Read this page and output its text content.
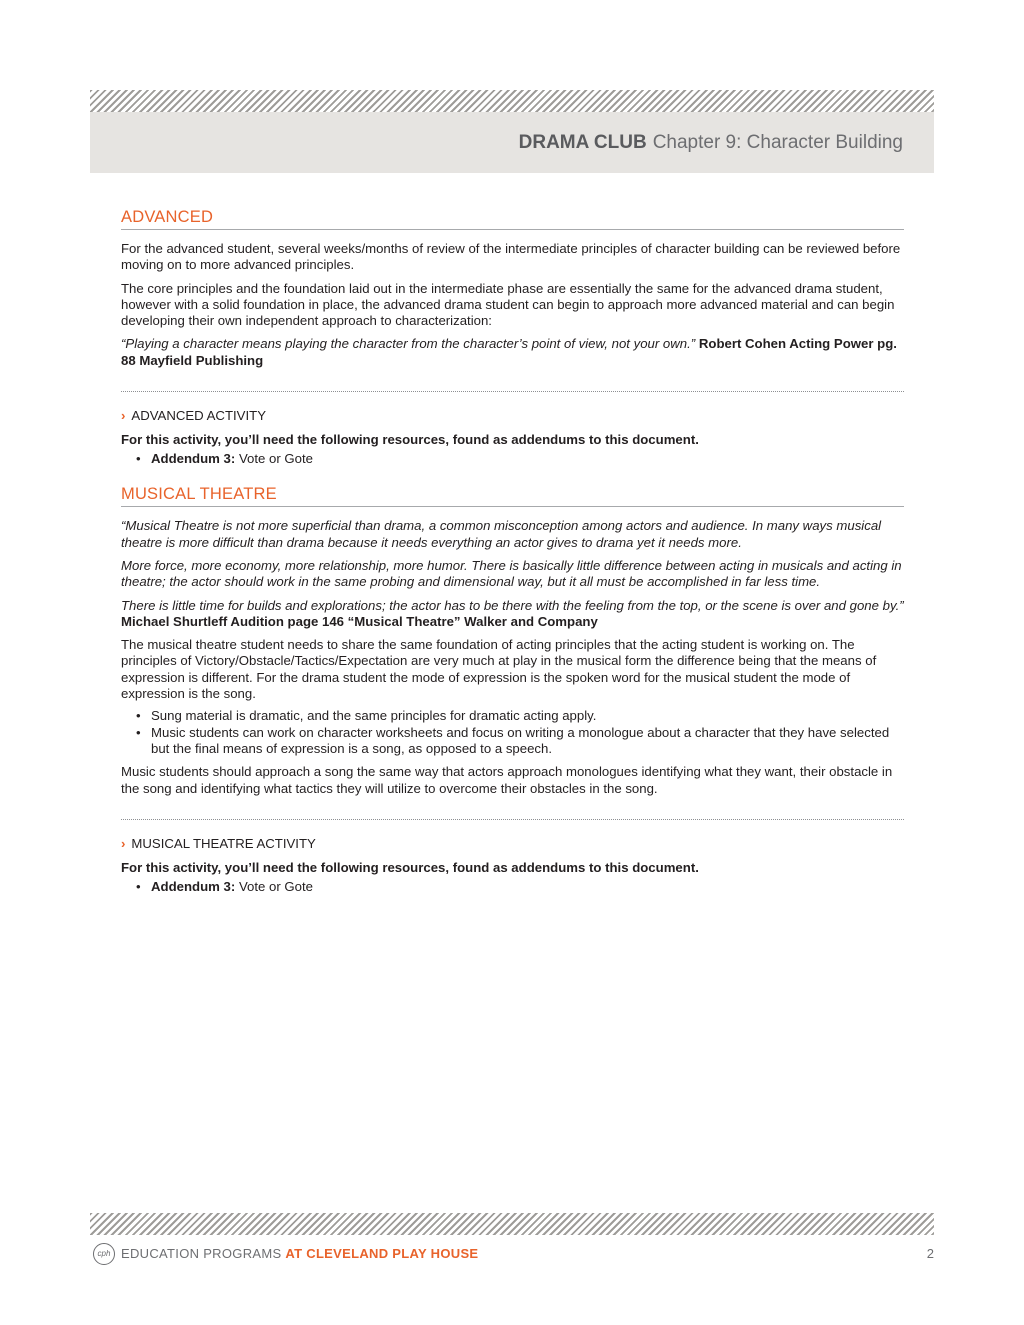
DRAMA CLUB Chapter 9: Character Building
ADVANCED

For the advanced student, several weeks/months of review of the intermediate principles of character building can be reviewed before moving on to more advanced principles.

The core principles and the foundation laid out in the intermediate phase are essentially the same for the advanced drama student, however with a solid foundation in place, the advanced drama student can begin to approach more advanced material and can begin developing their own independent approach to characterization:

“Playing a character means playing the character from the character’s point of view, not your own.” Robert Cohen Acting Power pg. 88 Mayfield Publishing

› ADVANCED ACTIVITY
For this activity, you’ll need the following resources, found as addendums to this document.
• Addendum 3: Vote or Gote
MUSICAL THEATRE

“Musical Theatre is not more superficial than drama, a common misconception among actors and audience. In many ways musical theatre is more difficult than drama because it needs everything an actor gives to drama yet it needs more.

More force, more economy, more relationship, more humor. There is basically little difference between acting in musicals and acting in theatre; the actor should work in the same probing and dimensional way, but it all must be accomplished in far less time.

There is little time for builds and explorations; the actor has to be there with the feeling from the top, or the scene is over and gone by.” Michael Shurtleff Audition page 146 “Musical Theatre” Walker and Company

The musical theatre student needs to share the same foundation of acting principles that the acting student is working on. The principles of Victory/Obstacle/Tactics/Expectation are very much at play in the musical form the difference being that the means of expression is different. For the drama student the mode of expression is the spoken word for the musical student the mode of expression is the song.

• Sung material is dramatic, and the same principles for dramatic acting apply.
• Music students can work on character worksheets and focus on writing a monologue about a character that they have selected but the final means of expression is a song, as opposed to a speech.

Music students should approach a song the same way that actors approach monologues identifying what they want, their obstacle in the song and identifying what tactics they will utilize to overcome their obstacles in the song.

› MUSICAL THEATRE ACTIVITY
For this activity, you’ll need the following resources, found as addendums to this document.
• Addendum 3: Vote or Gote
cph EDUCATION PROGRAMS AT CLEVELAND PLAY HOUSE	2
